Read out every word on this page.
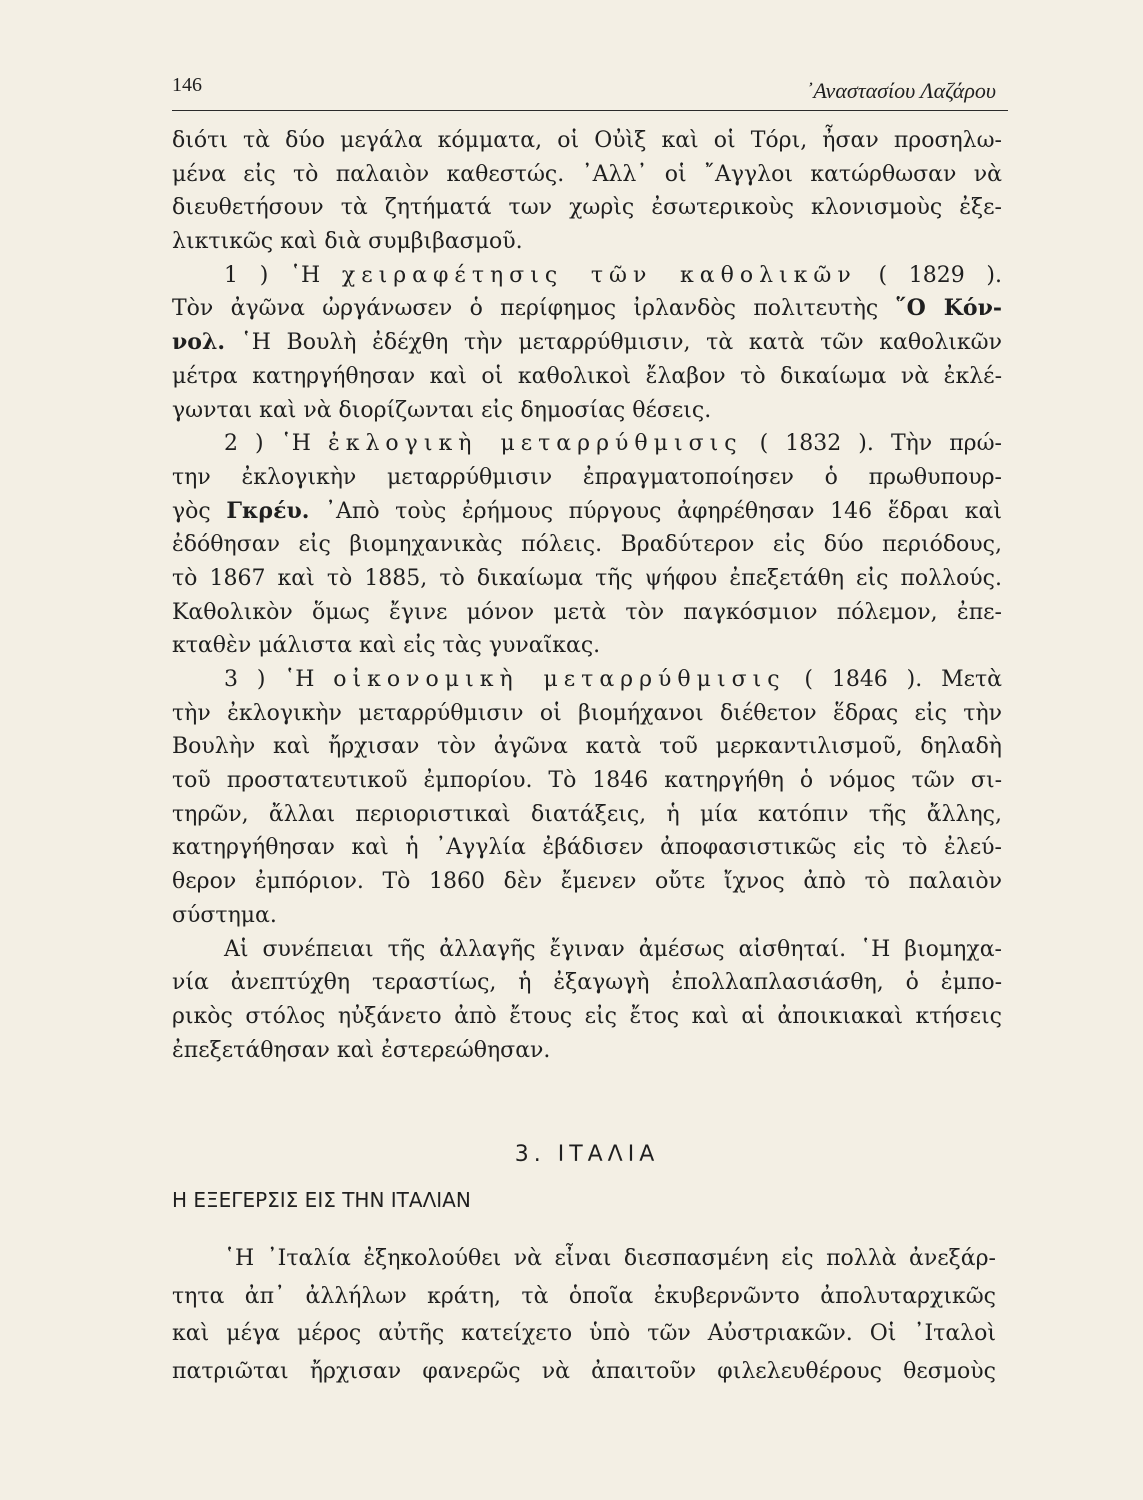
146	᾿Αναστασίου Λαζάρου
διότι τὰ δύο μεγάλα κόμματα, οἱ Οὐὶξ καὶ οἱ Τόρι, ἦσαν προσηλω-
μένα εἰς τὸ παλαιὸν καθεστώς. ᾿Αλλ᾿ οἱ ῎Αγγλοι κατώρθωσαν νὰ
διευθετήσουν τὰ ζητήματά των χωρὶς ἐσωτερικοὺς κλονισμοὺς ἐξε-
λικτικῶς καὶ διὰ συμβιβασμοῦ.
1 ) ῾Η χειραφέτησις τῶν καθολικῶν ( 1829 ).
Τὸν ἀγῶνα ὠργάνωσεν ὁ περίφημος ἰρλανδὸς πολιτευτὴς ῞Ο Κόν-
νολ. ῾Η Βουλὴ ἐδέχθη τὴν μεταρρύθμισιν, τὰ κατὰ τῶν καθολικῶν
μέτρα κατηργήθησαν καὶ οἱ καθολικοὶ ἔλαβον τὸ δικαίωμα νὰ ἐκλέ-
γωνται καὶ νὰ διορίζωνται εἰς δημοσίας θέσεις.
2 ) ῾Η ἐκλογικὴ μεταρρύθμισις ( 1832 ). Τὴν πρώ-
την ἐκλογικὴν μεταρρύθμισιν ἐπραγματοποίησεν ὁ πρωθυπουρ-
γὸς Γκρέυ. ᾿Απὸ τοὺς ἐρήμους πύργους ἀφηρέθησαν 146 ἕδραι καὶ
ἐδόθησαν εἰς βιομηχανικὰς πόλεις. Βραδύτερον εἰς δύο περιόδους,
τὸ 1867 καὶ τὸ 1885, τὸ δικαίωμα τῆς ψήφου ἐπεξετάθη εἰς πολλούς.
Καθολικὸν ὅμως ἔγινε μόνον μετὰ τὸν παγκόσμιον πόλεμον, ἐπε-
κταθὲν μάλιστα καὶ εἰς τὰς γυναῖκας.
3 ) ῾Η οἰκονομικὴ μεταρρύθμισις ( 1846 ). Μετὰ
τὴν ἐκλογικὴν μεταρρύθμισιν οἱ βιομήχανοι διέθετον ἕδρας εἰς τὴν
Βουλὴν καὶ ἤρχισαν τὸν ἀγῶνα κατὰ τοῦ μερκαντιλισμοῦ, δηλαδὴ
τοῦ προστατευτικοῦ ἐμπορίου. Τὸ 1846 κατηργήθη ὁ νόμος τῶν σι-
τηρῶν, ἄλλαι περιοριστικαὶ διατάξεις, ἡ μία κατόπιν τῆς ἄλλης,
κατηργήθησαν καὶ ἡ ᾿Αγγλία ἐβάδισεν ἀποφασιστικῶς εἰς τὸ ἐλεύ-
θερον ἐμπόριον. Τὸ 1860 δὲν ἔμενεν οὔτε ἴχνος ἀπὸ τὸ παλαιὸν
σύστημα.
Αἱ συνέπειαι τῆς ἀλλαγῆς ἔγιναν ἀμέσως αἰσθηταί. ῾Η βιομηχα-
νία ἀνεπτύχθη τεραστίως, ἡ ἐξαγωγὴ ἐπολλαπλασιάσθη, ὁ ἐμπο-
ρικὸς στόλος ηὐξάνετο ἀπὸ ἔτους εἰς ἔτος καὶ αἱ ἀποικιακαὶ κτήσεις
ἐπεξετάθησαν καὶ ἐστερεώθησαν.
3. ΙΤΑΛΙΑ
Η ΕΞΕΓΕΡΣΙΣ ΕΙΣ ΤΗΝ ΙΤΑΛΙΑΝ
῾Η ᾿Ιταλία ἐξηκολούθει νὰ εἶναι διεσπασμένη εἰς πολλὰ ἀνεξάρ-
τητα ἀπ᾿ ἀλλήλων κράτη, τὰ ὁποῖα ἐκυβερνῶντο ἀπολυταρχικῶς
καὶ μέγα μέρος αὐτῆς κατείχετο ὑπὸ τῶν Αὐστριακῶν. Οἱ ᾿Ιταλοὶ
πατριῶται ἤρχισαν φανερῶς νὰ ἀπαιτοῦν φιλελευθέρους θεσμοὺς
